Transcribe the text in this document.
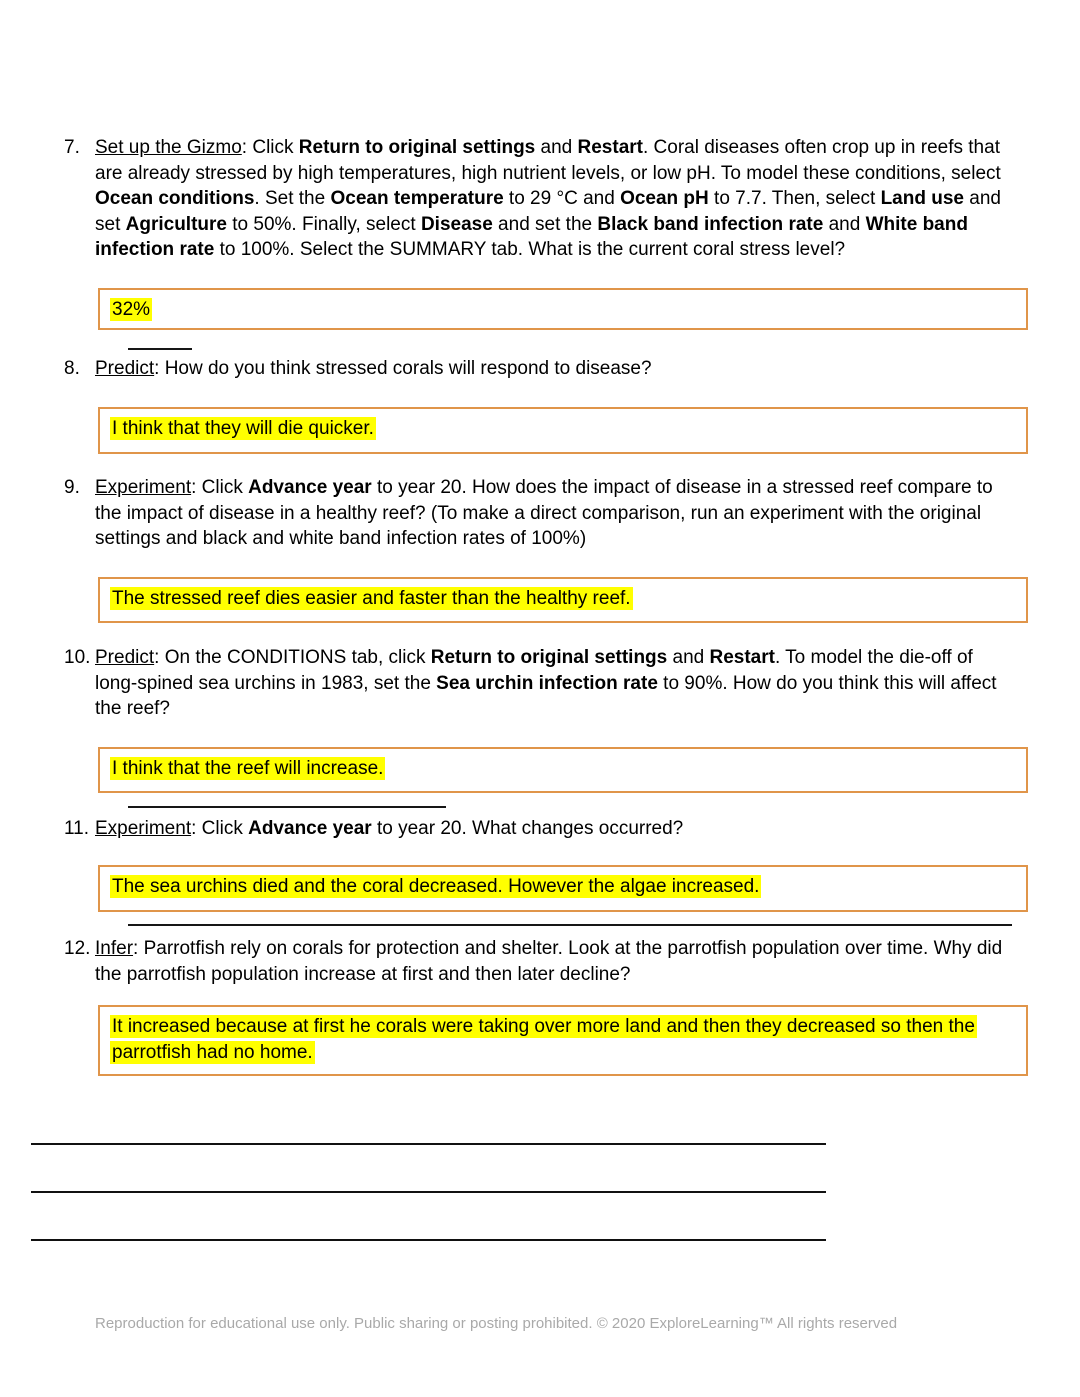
7. Set up the Gizmo: Click Return to original settings and Restart. Coral diseases often crop up in reefs that are already stressed by high temperatures, high nutrient levels, or low pH. To model these conditions, select Ocean conditions. Set the Ocean temperature to 29 °C and Ocean pH to 7.7. Then, select Land use and set Agriculture to 50%. Finally, select Disease and set the Black band infection rate and White band infection rate to 100%. Select the SUMMARY tab. What is the current coral stress level?
32%
8. Predict: How do you think stressed corals will respond to disease?
I think that they will die quicker.
9. Experiment: Click Advance year to year 20. How does the impact of disease in a stressed reef compare to the impact of disease in a healthy reef? (To make a direct comparison, run an experiment with the original settings and black and white band infection rates of 100%)
The stressed reef dies easier and faster than the healthy reef.
10. Predict: On the CONDITIONS tab, click Return to original settings and Restart. To model the die-off of long-spined sea urchins in 1983, set the Sea urchin infection rate to 90%. How do you think this will affect the reef?
I think that the reef will increase.
11. Experiment: Click Advance year to year 20. What changes occurred?
The sea urchins died and the coral decreased. However the algae increased.
12. Infer: Parrotfish rely on corals for protection and shelter. Look at the parrotfish population over time. Why did the parrotfish population increase at first and then later decline?
It increased because at first he corals were taking over more land and then they decreased so then the parrotfish had no home.
Reproduction for educational use only. Public sharing or posting prohibited. © 2020 ExploreLearning™ All rights reserved
